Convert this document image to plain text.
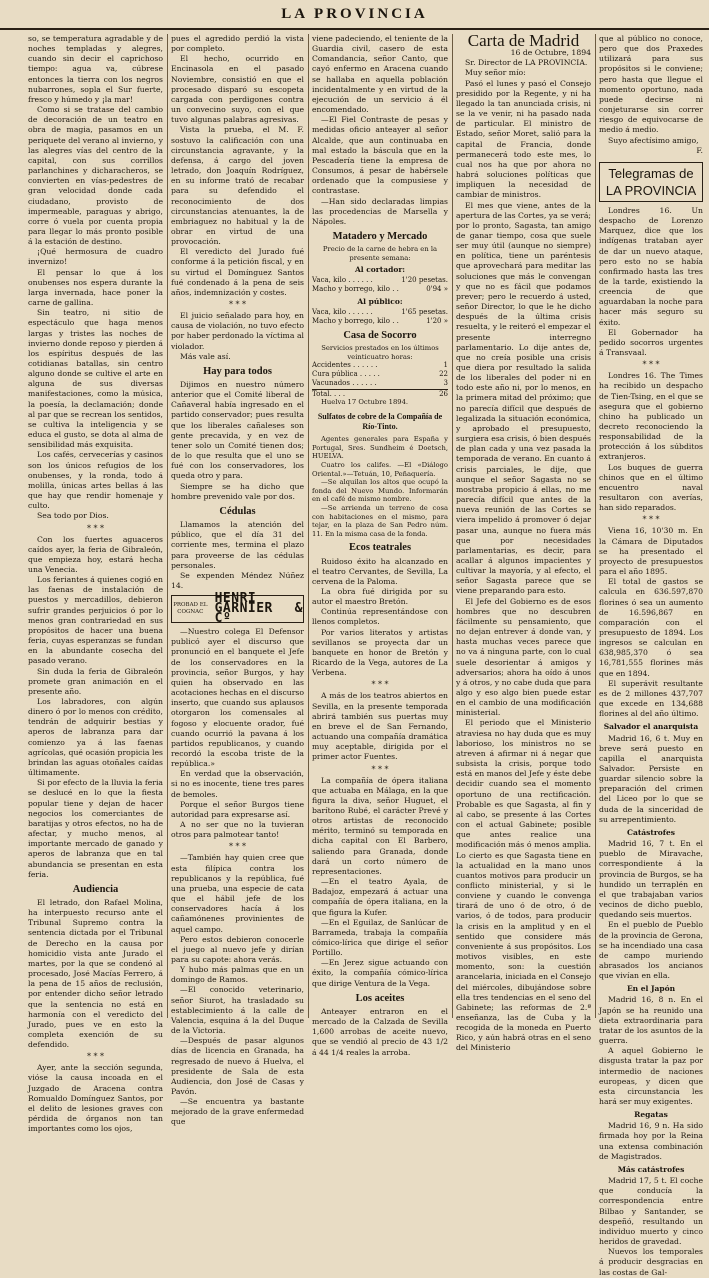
LA PROVINCIA

so, se temperatura agradable y de noches templadas y alegres, cuando sin decir el caprichoso tiempo: agua va, cúbrese entonces la tierra con los negros nubarrones, sopla el Sur fuerte, fresco y húmedo y ¡la mar!

Como si se tratase del cambio de decoración de un teatro en obra de magia, pasamos en un periquete del verano al invierno, y las alegres vías del centro de la capital, con sus corrillos parlanchines y dicharacheros, se convierten en vías-pedestres de gran velocidad donde cada ciudadano, provisto de impermeable, paraguas y abrigo, corre ó vuela por cuenta propia para llegar lo más pronto posible á la estación de destino.

¡Qué hermosura de cuadro invernizo!

El pensar lo que á los onubenses nos espera durante la larga invernada, hace poner la carne de gallina.

Sin teatro, ni sitio de espectáculo que haga menos largas y tristes las noches de invierno donde reposo y pierden á los espíritus después de las cotidianas batallas, sin centro alguno donde se cultive el arte en alguna de sus diversas manifestaciones, como la música, la poesía, la declamación; donde al par que se recrean los sentidos, se cultiva la inteligencia y se educa el gusto, se dota al alma de sensibilidad más exquisita.

Los cafés, cervecerías y casinos son los únicos refugios de los onubenses, y la ronda, todo á molilla, únicas artes bellas á las que hay que rendir homenaje y culto.

Sea todo por Dios.

* * *

Con los fuertes aguaceros caídos ayer, la feria de Gibraleón, que empieza hoy, estará hecha una Venecia.

Los feriantes á quienes cogió en las faenas de instalación de puestos y mercadillos, debieron sufrir grandes perjuicios ó por lo menos gran contrariedad en sus propósitos de hacer una buena feria, cuyas esperanzas se fundan en la abundante cosecha del pasado verano.

Sin duda la feria de Gibraleón promete gran animación en el presente año.

Los labradores, con algún dinero ó por lo menos con crédito, tendrán de adquirir bestias y aperos de labranza para dar comienzo ya á las faenas agrícolas, qué ocasión propicia les brindan las aguas otoñales caídas últimamente.

Si por efecto de la lluvia la feria se deslucé en lo que la fiesta popular tiene y dejan de hacer negocios los comerciantes de baratijas y otros efectos, no ha de afectar, y mucho menos, al importante mercado de ganado y aperos de labranza que en tal abundancia se presentan en esta feria.

Audiencia

El letrado, don Rafael Molina, ha interpuesto recurso ante el Tribunal Supremo contra la sentencia dictada por el Tribunal de Derecho en la causa por homicidio vista ante Jurado el martes, por la que se condenó al procesado, José Macías Ferrero, á la pena de 15 años de reclusión, por entender dicho señor letrado que la sentencia no está en harmonía con el veredicto del Jurado, pues ve en esto la completa exención de su defendido.

* * *

Ayer, ante la sección segunda, vióse la causa incoada en el Juzgado de Aracena contra Romualdo Domínguez Santos, por el delito de lesiones graves con pérdida de órganos non tan importantes como los ojos,

pues el agredido perdió la vista por completo.

El hecho, ocurrido en Encinasola en el pasado Noviembre, consistió en que el procesado disparó su escopeta cargada con perdigones contra un convecino suyo, con el que tuvo algunas palabras agresivas.

Vista la prueba, el M. F. sostuvo la calificación con una circunstancia agravante, y la defensa, á cargo del joven letrado, don Joaquín Rodríguez, en su informe trató de recabar para su defendido el reconocimiento de dos circunstancias atenuantes, la de embriaguez no habitual y la de obrar en virtud de una provocación.

El veredicto del Jurado fué conforme á la petición fiscal, y en su virtud el Domínguez Santos fué condenado á la pena de seis años, indemnización y costes.

* * *

El juicio señalado para hoy, en causa de violación, no tuvo efecto por haber perdonado la víctima al violador.

Más vale así.

Hay para todos

Dijimos en nuestro número anterior que el Comité liberal de Cañaveral había ingresado en el partido conservador; pues resulta que los liberales cañaleses son gente precavida, y en vez de tener solo un Comité tienen dos; de lo que resulta que el uno se fué con los conservadores, los queda otro y para.

Siempre se ha dicho que hombre prevenido vale por dos.

Cédulas

Llamamos la atención del público, que el día 31 del corriente mes, termina el plazo para proveerse de las cédulas personales.

Se expenden Méndez Núñez 14.

PROBAD EL COGNAC
HENRI GARNIER & Cº

—Nuestro colega El Defensor publicó ayer el discurso que pronunció en el banquete el Jefe de los conservadores en la provincia, señor Burgos, y hay quien ha observado en las acotaciones hechas en el discurso inserto, que cuando sus aplausos otorgaron los comensales al fogoso y elocuente orador, fué cuando ocurrió la pavana á los partidos republicanos, y cuando recordó la escoba triste de la república.»

En verdad que la observación, si no es inocente, tiene tres pares de bemoles.

Porque el señor Burgos tiene autoridad para expresarse así.

A no ser que no la tuvieran otros para palmotear tanto!

* * *

—También hay quien cree que esta filípica contra los republicanos y la república, fué una prueba, una especie de cata que el hábil jefe de los conservadores hacía á los cañamónenes provinientes de aquel campo.

Pero estos debieron conocerle el juego al nuevo jefe y dirían para su capote: ahora verás.

Y hubo más palmas que en un domingo de Ramos.

—El conocido veterinario, señor Siurot, ha trasladado su establecimiento á la calle de Valencia, esquina á la del Duque de la Victoria.

—Después de pasar algunos días de licencia en Granada, ha regresado de nuevo á Huelva, el presidente de Sala de esta Audiencia, don José de Casas y Pavón.

—Se encuentra ya bastante mejorado de la grave enfermedad que

viene padeciendo, el teniente de la Guardia civil, casero de esta Comandancia, señor Canto, que cayó enfermo en Aracena cuando se hallaba en aquella población incidentalmente y en virtud de la ejecución de un servicio á él encomendado.

—El Fiel Contraste de pesas y medidas oficio anteayer al señor Alcalde, que aun continuaba en mal estado la báscula que en la Pescadería tiene la empresa de Consumos, á pesar de habérsele ordenado que la compusiese y contrastase.

—Han sido declaradas limpias las procedencias de Marsella y Nápoles.

Matadero y Mercado

Precio de la carne de hebra en la presente semana:

Al cortador:
Vaca, kilo . . . . . .	1'20 pesetas.
Macho y borrego, kilo . .	0'94 »
Al público:
Vaca, kilo . . . . . .	1'65 pesetas.
Macho y borrego, kilo . .	1'20 »
Casa de Socorro

Servicios prestados en los últimos veinticuatro horas:

Accidentes . . . . . .	1
Cura pública . . . . .	22
Vacunados . . . . . .	3
Total. . . .	26

Huelva 17 Octubre 1894.

Sulfatos de cobre de la Compañía de Río-Tinto.

Agentes generales para España y Portugal, Sres. Sundheim é Doetsch, HUELVA.

Cuatro los califes. —El «Diálogo Oriental.»—Tetuán, 10, Peñaquería.

—Se alquilan los altos que ocupó la fonda del Nuevo Mundo. Informarán en el café de mismo nombre.

—Se arrienda un terreno de cosa con habitaciones en el mismo, para tejar, en la plaza de San Pedro núm. 11. En la misma casa de la fonda.

Ecos teatrales

Ruidoso éxito ha alcanzado en el teatro Cervantes, de Sevilla, La cervena de la Paloma.

La obra fué dirigida por su autor el maestro Bretón.

Continúa representándose con llenos completos.

Por varios literatos y artistas sevillanos se proyecta dar un banquete en honor de Bretón y Ricardo de la Vega, autores de La Verbena.

* * *

A más de los teatros abiertos en Sevilla, en la presente temporada abrirá también sus puertas muy en breve el de San Fernando, actuando una compañía dramática muy aceptable, dirigida por el primer actor Fuentes.

* * *

La compañía de ópera italiana que actuaba en Málaga, en la que figura la diva, señor Huguet, el barítono Rubé, el carácter Prevé y otros artistas de reconocido mérito, terminó su temporada en dicha capital con El Barbero, saliendo para Granada, donde dará un corto número de representaciones.

—En el teatro Ayala, de Badajoz, empezará á actuar una compañía de ópera italiana, en la que figura la Kufer.

—En el Eguilaz, de Sanlúcar de Barrameda, trabaja la compañía cómico-lírica que dirige el señor Portillo.

—En Jerez sigue actuando con éxito, la compañía cómico-lírica que dirige Ventura de la Vega.

Los aceites

Anteayer entraron en el mercado de la Calzada de Sevilla 1,600 arrobas de aceite nuevo, que se vendió al precio de 43 1/2 á 44 1/4 reales la arroba.

Carta de Madrid

16 de Octubre, 1894

Sr. Director de LA PROVINCIA.

Muy señor mío:

Pasó el lunes y pasó el Consejo presidido por la Regente, y ni ha llegado la tan anunciada crisis, ni se la ve venir, ni ha pasado nada de particular. El ministro de Estado, señor Moret, salió para la capital de Francia, donde permanecerá todo este mes, lo cual nos ha que por ahora no habrá soluciones políticas que impliquen la necesidad de cambiar de ministros.

El mes que viene, antes de la apertura de las Cortes, ya se verá; por lo pronto, Sagasta, tan amigo de ganar tiempo, cosa que suele ser muy útil (aunque no siempre) en política, tiene un paréntesis que aprovechará para meditar las soluciones que más le convengan y que no es fácil que podamos prever; pero le recuerdo á usted, señor Director, lo que le he dicho después de la última crisis resuelta, y le reiteró el empezar el presente interregno parlamentario. Lo dije antes de, que no creía posible una crisis que diera por resultado la salida de los liberales del poder ni en todo este año ni, por lo menos, en la primera mitad del próximo; que no parecía difícil que después de legalizada la situación económica, y aprobado el presupuesto, surgiera esa crisis, ó bien después de plan cada y una vez pasada la temporada de verano. En cuanto á crisis parciales, le dije, que aunque el señor Sagasta no se mostraba propicio á ellas, no me parecía difícil que antes de la nueva reunión de las Cortes se viera impelido á promover ó dejar pasar una, aunque no fuera más que por necesidades parlamentarias, es decir, para acallar á algunos impacientes y cultivar la mayoría, y al efecto, el señor Sagasta parece que se viene preparando para esto.

El Jefe del Gobierno es de esos hombres que no descubren fácilmente su pensamiento, que no dejan entrever á donde van, y hasta muchas veces parece que no va á ninguna parte, con lo cual suele desorientar á amigos y adversarios; ahora ha oído á unos y á otros, y no cabe duda que para algo y eso algo bien puede estar en el cambio de una modificación ministerial.

El periodo que el Ministerio atraviesa no hay duda que es muy laborioso, los ministros no se atreven á afirmar ni á negar que subsista la crisis, porque todo está en manos del Jefe y éste debe decidir cuando sea el momento oportuno de una rectificación. Probable es que Sagasta, al fin y al cabo, se presente á las Cortes con el actual Gabinete; posible que antes realice una modificación más ó menos amplia. Lo cierto es que Sagasta tiene en la actualidad en la mano unos cuantos motivos para producir un conflicto ministerial, y si le conviene y cuando le convenga tirará de uno ó de otro, ó de varios, ó de todos, para producir la crisis en la amplitud y en el sentido que considere más conveniente á sus propósitos. Los motivos visibles, en este momento, son: la cuestión arancelaria, iniciada en el Consejo del miércoles, dibujándose sobre ella tres tendencias en el seno del Gabinete; las reformas de 2.ª enseñanza, las de Cuba y la recogida de la moneda en Puerto Rico, y aún habrá otras en el seno del Ministerio

que al público no conoce, pero que dos Praxedes utilizará para sus propósitos si le conviene; pero hasta que llegue el momento oportuno, nada puede decirse ni conjeturarse sin correr riesgo de equivocarse de medio á medio.

Suyo afectísimo amigo,

F.

Telegramas de LA PROVINCIA

Londres 16. Un despacho de Lorenzo Marquez, dice que los indígenas trataban ayer de dar un nuevo ataque, pero esto no se había confirmado hasta las tres de la tarde, existiendo la creencia de que aguardaban la noche para hacer más seguro su éxito.

El Gobernador ha pedido socorros urgentes á Transvaal.

* * *

Londres 16. The Times ha recibido un despacho de Tien-Tsing, en el que se asegura que el gobierno chino ha publicado un decreto reconociendo la responsabilidad de la protección á los súbditos extranjeros.

Los buques de guerra chinos que en el último encuentro naval resultaron con averías, han sido reparados.

* * *

Viena 16, 10'30 m. En la Cámara de Diputados se ha presentado el proyecto de presupuestos para el año 1895.

El total de gastos se calcula en 636.597,870 florines ó sea un aumento de 16.596,867 en comparación con el presupuesto de 1894. Los ingresos se calculan en 638,985,370 ó sea 16,781,555 florines más que en 1894.

El superávit resultante es de 2 millones 437,707 que excede en 134,688 florines al del año último.

Salvador el anarquista

Madrid 16, 6 t. Muy en breve será puesto en capilla el anarquista Salvador. Persiste en guardar silencio sobre la preparación del crimen del Liceo por lo que se duda de la sinceridad de su arrepentimiento.

Catástrofes

Madrid 16, 7 t. En el pueblo de Miravache, correspondiente á la provincia de Burgos, se ha hundido un terraplén en el que trabajaban varios vecinos de dicho pueblo, quedando seis muertos.

En el pueblo de Pueblo de la provincia de Gerona, se ha incendiado una casa de campo muriendo abrasados los ancianos que vivían en ella.

En el Japón

Madrid 16, 8 n. En el Japón se ha reunido una dieta extraordinaria para tratar de los asuntos de la guerra.

A aquel Gobierno le disgusta tratar la paz por intermedio de naciones europeas, y dicen que esta circunstancia les hará ser muy exigentes.

Regatas

Madrid 16, 9 n. Ha sido firmada hoy por la Reina una extensa combinación de Magistrados.

Más catástrofes

Madrid 17, 5 t. El coche que conducía la correspondencia entre Bilbao y Santander, se despeñó, resultando un individuo muerto y cinco heridos de gravedad.

Nuevos los temporales á producir desgracias en las costas de Gal-
